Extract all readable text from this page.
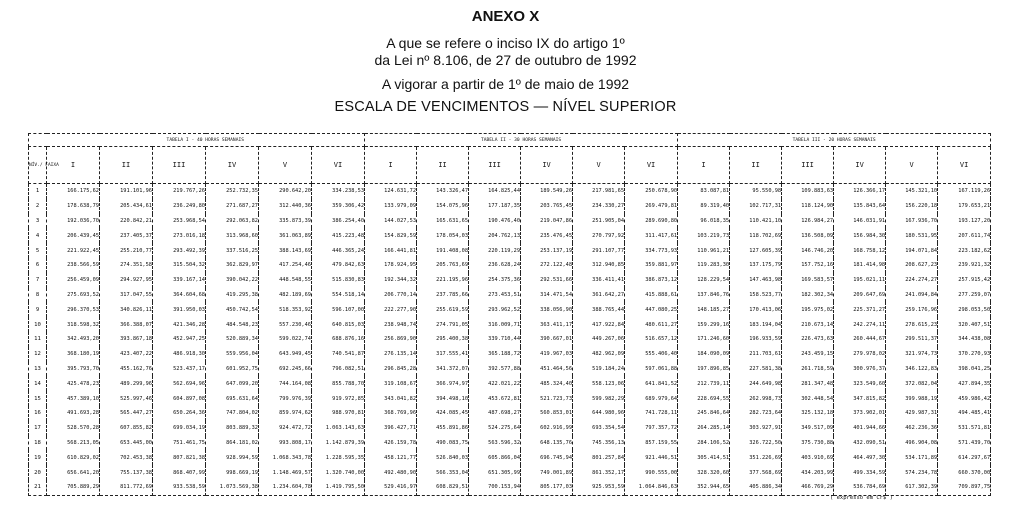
ANEXO X
A que se refere o inciso IX do artigo 1º
da Lei nº 8.106, de 27 de outubro de 1992
A vigorar a partir de 1º de maio de 1992
ESCALA DE VENCIMENTOS — NÍVEL SUPERIOR
	TABELA I - 40 HORAS SEMANAIS						TABELA II - 30 HORAS SEMANAIS						TABELA III - 20 HORAS SEMANAIS					
NÍV./ FAIXA	I	II	III	IV	V	VI	I	II	III	IV	V	VI	I	II	III	IV	V	VI
1	166.175,62	191.101,96	219.767,26	252.732,35	290.642,20	334.238,53	124.631,72	143.326,47	164.825,44	189.549,26	217.981,65	250.678,90	83.087,81	95.550,98	109.883,63	126.366,17	145.321,10	167.119,26
2	178.638,79	205.434,61	236.249,80	271.687,27	312.440,36	359.306,42	133.979,09	154.075,96	177.187,35	203.765,45	234.330,27	269.479,81	89.319,40	102.717,31	118.124,90	135.843,64	156.220,18	179.653,21
3	192.036,70	220.842,21	253.968,54	292.063,82	335.873,39	386.254,40	144.027,53	165.631,65	190.476,40	219.047,86	251.905,04	289.690,80	96.018,35	110.421,10	126.984,27	146.031,91	167.936,70	193.127,20
4	206.439,45	237.405,37	273.016,18	313.968,60	361.063,89	415.223,48	154.829,59	178.054,03	204.762,13	235.476,45	270.797,92	311.417,61	103.219,73	118.702,69	136.508,09	156.984,30	180.531,95	207.611,74
5	221.922,45	255.210,77	293.492,39	337.516,25	388.143,69	446.365,24	166.441,81	191.408,08	220.119,29	253.137,19	291.107,77	334.773,93	110.961,21	127.605,39	146.746,20	168.758,12	194.071,84	223.182,62
6	238.566,59	274.351,58	315.504,32	362.829,97	417.254,46	479.842,63	178.924,95	205.763,69	236.628,24	272.122,48	312.940,85	359.881,97	119.283,30	137.175,79	157.752,16	181.414,98	208.627,23	239.921,32
7	256.459,09	294.927,95	339.167,14	390.042,22	448.548,55	515.830,83	192.344,32	221.195,96	254.375,36	292.531,66	336.411,41	386.873,12	128.229,54	147.463,98	169.583,57	195.021,11	224.274,27	257.915,42
8	275.693,52	317.047,55	364.604,68	419.295,38	482.189,69	554.518,14	206.770,14	237.785,66	273.453,51	314.471,54	361.642,27	415.888,61	137.846,76	158.523,77	182.302,34	209.647,69	241.094,84	277.259,07
9	296.370,53	340.826,11	391.950,03	450.742,54	518.353,92	596.107,00	222.277,90	255.619,59	293.962,52	338.056,90	388.765,44	447.080,25	148.185,27	170.413,06	195.975,02	225.371,27	259.176,96	298.053,50
10	318.598,32	366.388,07	421.346,28	484.548,23	557.230,46	640.815,03	238.948,74	274.791,05	316.009,71	363.411,17	417.922,84	480.611,27	159.299,16	183.194,04	210.673,14	242.274,11	278.615,23	320.407,51
11	342.493,20	393.867,18	452.947,25	520.889,34	599.022,74	688.876,16	256.869,90	295.400,38	339.710,44	390.667,01	449.267,06	516.657,12	171.246,60	196.933,59	226.473,63	260.444,67	299.511,37	344.438,08
12	368.180,19	423.407,22	486.918,30	559.956,04	643.949,45	740.541,87	276.135,14	317.555,41	365.188,72	419.967,03	482.962,09	555.406,40	184.090,09	211.703,61	243.459,15	279.978,02	321.974,73	370.270,93
13	395.793,70	455.162,76	523.437,17	601.952,75	692.245,66	796.082,51	296.845,28	341.372,07	392.577,88	451.464,56	519.184,24	597.061,88	197.896,85	227.581,38	261.718,59	300.976,37	346.122,83	398.041,25
14	425.478,23	489.299,96	562.694,96	647.099,20	744.164,08	855.788,70	319.108,67	366.974,97	422.021,22	485.324,40	558.123,06	641.841,52	212.739,11	244.649,98	281.347,48	323.549,60	372.082,04	427.894,35
15	457.389,10	525.997,46	604.897,08	695.631,64	799.976,39	919.972,85	343.041,82	394.498,10	453.672,81	521.723,73	599.982,29	689.979,64	228.694,55	262.998,73	302.448,54	347.815,82	399.988,19	459.986,42
16	491.693,28	565.447,27	650.264,36	747.804,02	859.974,62	988.970,81	368.769,96	424.085,45	487.698,27	560.853,01	644.980,96	741.728,11	245.846,64	282.723,64	325.132,18	373.902,01	429.987,31	494.485,41
17	528.570,28	607.855,82	699.034,19	803.889,32	924.472,72	1.063.143,63	396.427,71	455.891,86	524.275,64	602.916,99	693.354,54	797.357,72	264.285,14	303.927,91	349.517,09	401.944,66	462.236,36	531.571,81
18	568.213,05	653.445,00	751.461,75	864.181,02	993.808,17	1.142.879,39	426.159,78	490.083,75	563.596,32	648.135,76	745.356,13	857.159,55	284.106,52	326.722,50	375.730,88	432.090,51	496.904,08	571.439,70
19	610.829,02	702.453,38	807.821,38	928.994,59	1.068.343,78	1.228.595,35	458.121,77	526.840,03	605.866,04	696.745,94	801.257,84	921.446,51	305.414,51	351.226,69	403.910,69	464.497,30	534.171,89	614.297,67
20	656.641,20	755.137,38	868.407,99	998.669,19	1.148.469,57	1.320.740,00	492.480,90	566.353,04	651.305,99	749.001,89	861.352,17	990.555,00	328.320,60	377.568,69	434.203,99	499.334,59	574.234,78	660.370,00
21	705.889,29	811.772,69	933.538,59	1.073.569,38	1.234.604,78	1.419.795,50	529.416,97	608.829,51	700.153,94	805.177,03	925.953,59	1.064.846,63	352.944,65	405.886,34	466.769,29	536.784,69	617.302,39	709.897,75
( expresso em Cr$ )
